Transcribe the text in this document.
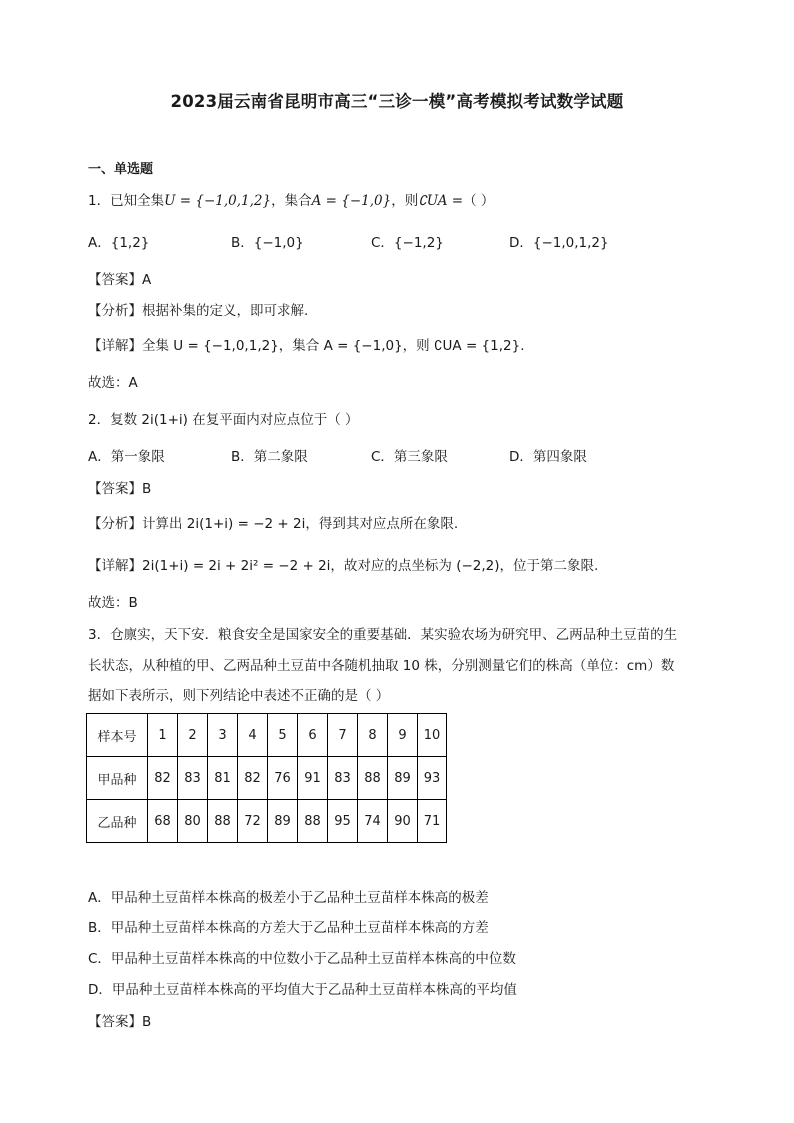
2023届云南省昆明市高三“三诊一模”高考模拟考试数学试题
一、单选题
1．已知全集U = {−1,0,1,2}，集合A = {−1,0}，则∁UA =（ ）
A．{1,2}	B．{−1,0}	C．{−1,2}	D．{−1,0,1,2}
【答案】A
【分析】根据补集的定义，即可求解.
【详解】全集 U = {−1,0,1,2}，集合 A = {−1,0}，则 ∁UA = {1,2}.
故选：A
2．复数 2i(1+i) 在复平面内对应点位于（ ）
A．第一象限	B．第二象限	C．第三象限	D．第四象限
【答案】B
【分析】计算出 2i(1+i) = −2 + 2i，得到其对应点所在象限.
【详解】2i(1+i) = 2i + 2i² = −2 + 2i，故对应的点坐标为 (−2,2)，位于第二象限.
故选：B
3．仓廪实，天下安．粮食安全是国家安全的重要基础．某实验农场为研究甲、乙两品种土豆苗的生
长状态，从种植的甲、乙两品种土豆苗中各随机抽取 10 株，分别测量它们的株高（单位：cm）数
据如下表所示，则下列结论中表述不正确的是（ ）
样本号	1	2	3	4	5	6	7	8	9	10
甲品种	82	83	81	82	76	91	83	88	89	93
乙品种	68	80	88	72	89	88	95	74	90	71
A．甲品种土豆苗样本株高的极差小于乙品种土豆苗样本株高的极差
B．甲品种土豆苗样本株高的方差大于乙品种土豆苗样本株高的方差
C．甲品种土豆苗样本株高的中位数小于乙品种土豆苗样本株高的中位数
D．甲品种土豆苗样本株高的平均值大于乙品种土豆苗样本株高的平均值
【答案】B
